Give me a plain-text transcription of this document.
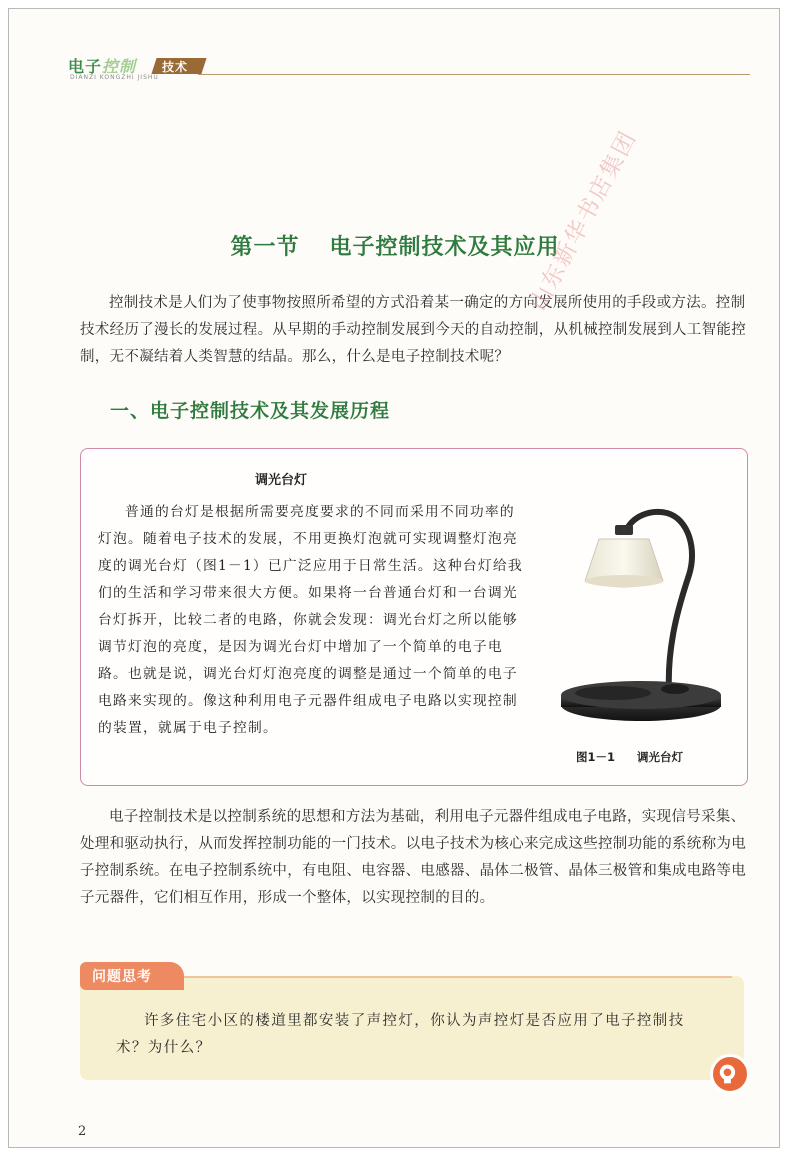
电子控制 技术
DIANZI KONGZHI JISHU
第一节 电子控制技术及其应用
控制技术是人们为了使事物按照所希望的方式沿着某一确定的方向发展所使用的手段或方法。控制技术经历了漫长的发展过程。从早期的手动控制发展到今天的自动控制，从机械控制发展到人工智能控制，无不凝结着人类智慧的结晶。那么，什么是电子控制技术呢？
一、电子控制技术及其发展历程
调光台灯
普通的台灯是根据所需要亮度要求的不同而采用不同功率的灯泡。随着电子技术的发展，不用更换灯泡就可实现调整灯泡亮度的调光台灯（图1－1）已广泛应用于日常生活。这种台灯给我们的生活和学习带来很大方便。如果将一台普通台灯和一台调光台灯拆开，比较二者的电路，你就会发现：调光台灯之所以能够调节灯泡的亮度，是因为调光台灯中增加了一个简单的电子电路。也就是说，调光台灯灯泡亮度的调整是通过一个简单的电子电路来实现的。像这种利用电子元器件组成电子电路以实现控制的装置，就属于电子控制。
图1－1 调光台灯
山东新华书店集团
电子控制技术是以控制系统的思想和方法为基础，利用电子元器件组成电子电路，实现信号采集、处理和驱动执行，从而发挥控制功能的一门技术。以电子技术为核心来完成这些控制功能的系统称为电子控制系统。在电子控制系统中，有电阻、电容器、电感器、晶体二极管、晶体三极管和集成电路等电子元器件，它们相互作用，形成一个整体，以实现控制的目的。
问题思考
许多住宅小区的楼道里都安装了声控灯，你认为声控灯是否应用了电子控制技术？为什么？
2
